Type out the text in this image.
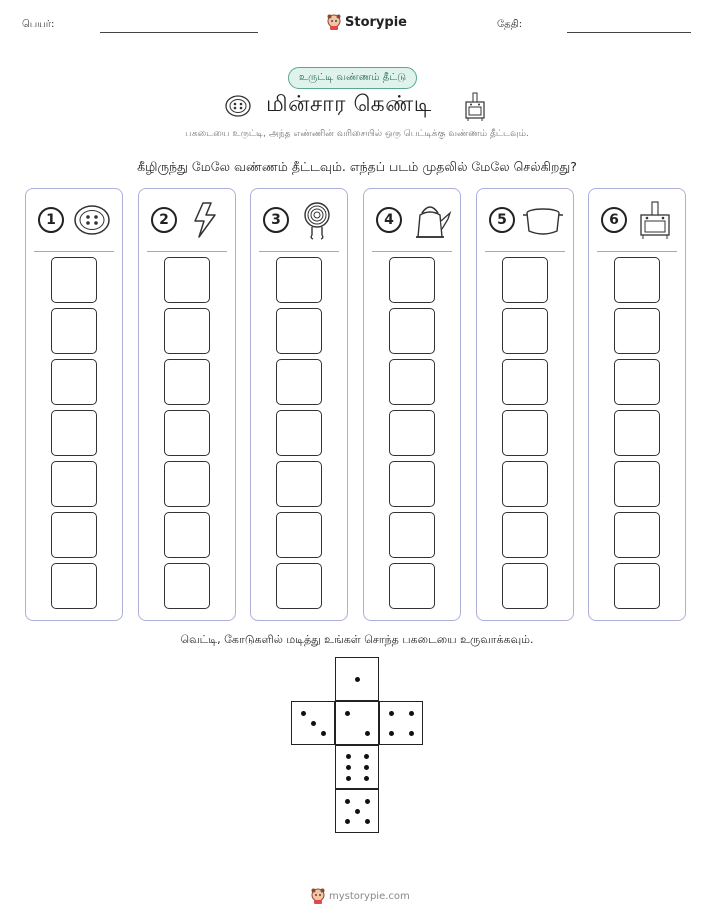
பெயர்:	Storypie	தேதி:
உருட்டி வண்ணம் தீட்டு
மின்சார கெண்டி
பகடையை உருட்டி, அந்த எண்ணின் வரிசையில் ஒரு பெட்டிக்கு வண்ணம் தீட்டவும்.
கீழிருந்து மேலே வண்ணம் தீட்டவும். எந்தப் படம் முதலில் மேலே செல்கிறது?
1	2	3	4	5	6
வெட்டி, கோடுகளில் மடித்து உங்கள் சொந்த பகடையை உருவாக்கவும்.
mystorypie.com
